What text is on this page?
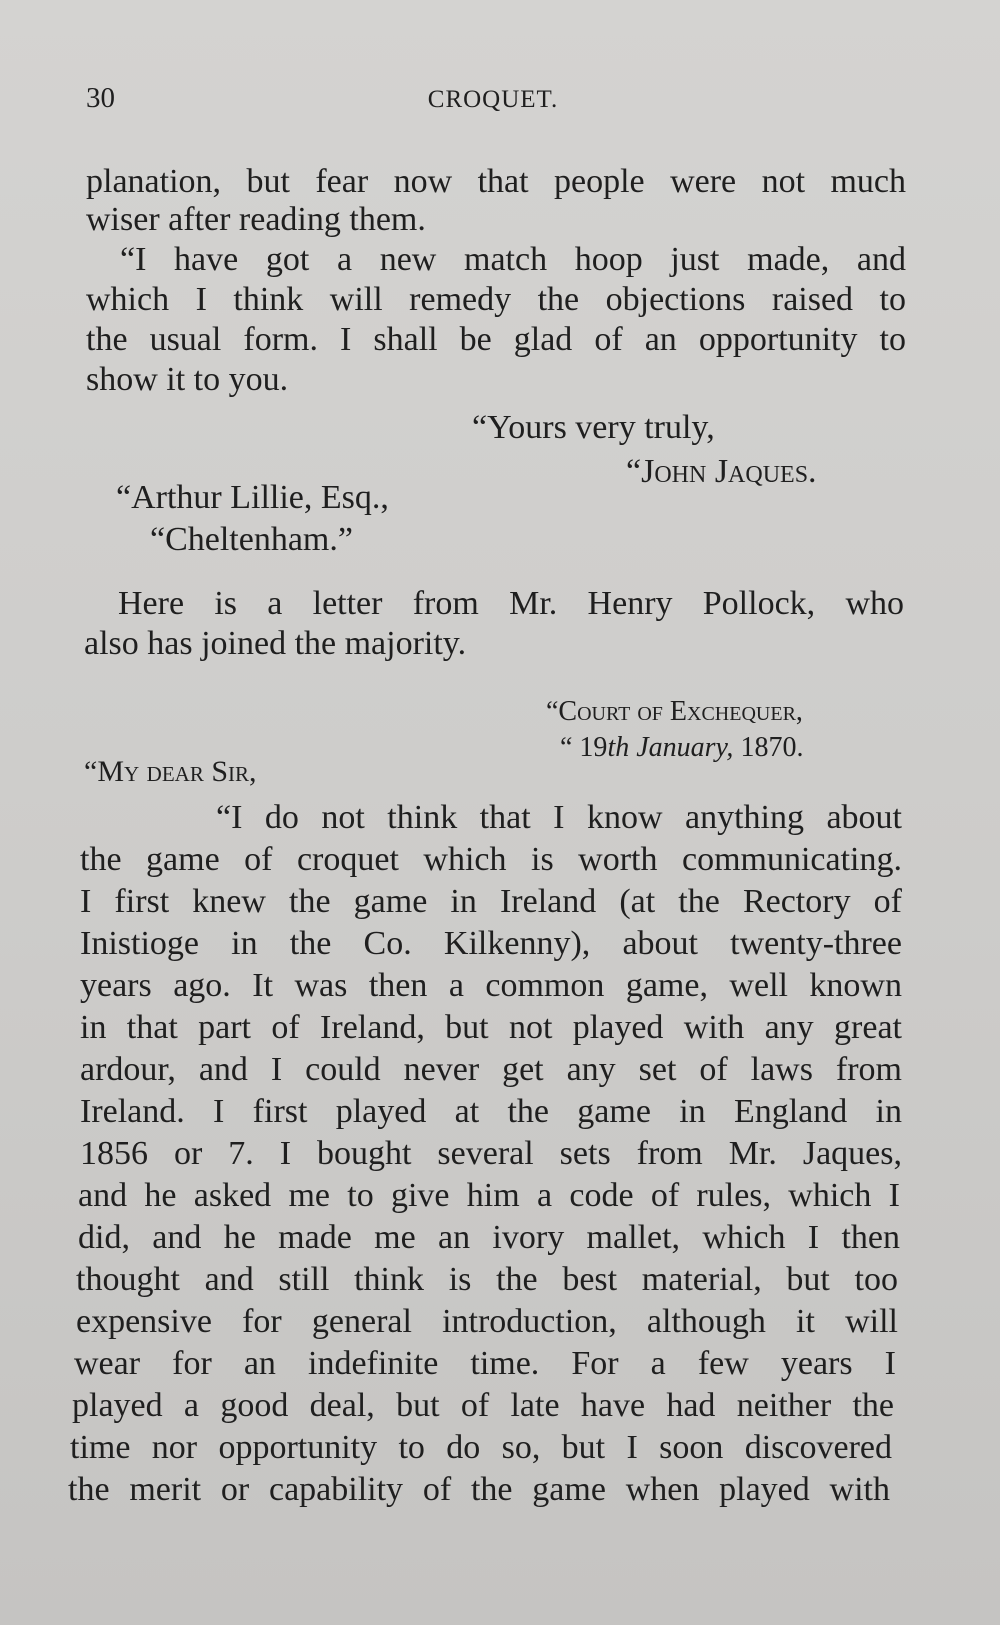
30	CROQUET.
planation, but fear now that people were not much
wiser after reading them.
“I have got a new match hoop just made, and
which I think will remedy the objections raised to
the usual form. I shall be glad of an opportunity to
show it to you.
“Yours very truly,
“John Jaques.
“Arthur Lillie, Esq.,
“Cheltenham.”
Here is a letter from Mr. Henry Pollock, who
also has joined the majority.
“Court of Exchequer,
“ 19th January, 1870.
“My dear Sir,
“I do not think that I know anything about
the game of croquet which is worth communicating.
I first knew the game in Ireland (at the Rectory of
Inistioge in the Co. Kilkenny), about twenty-three
years ago. It was then a common game, well known
in that part of Ireland, but not played with any great
ardour, and I could never get any set of laws from
Ireland. I first played at the game in England in
1856 or 7. I bought several sets from Mr. Jaques,
and he asked me to give him a code of rules, which I
did, and he made me an ivory mallet, which I then
thought and still think is the best material, but too
expensive for general introduction, although it will
wear for an indefinite time. For a few years I
played a good deal, but of late have had neither the
time nor opportunity to do so, but I soon discovered
the merit or capability of the game when played with
